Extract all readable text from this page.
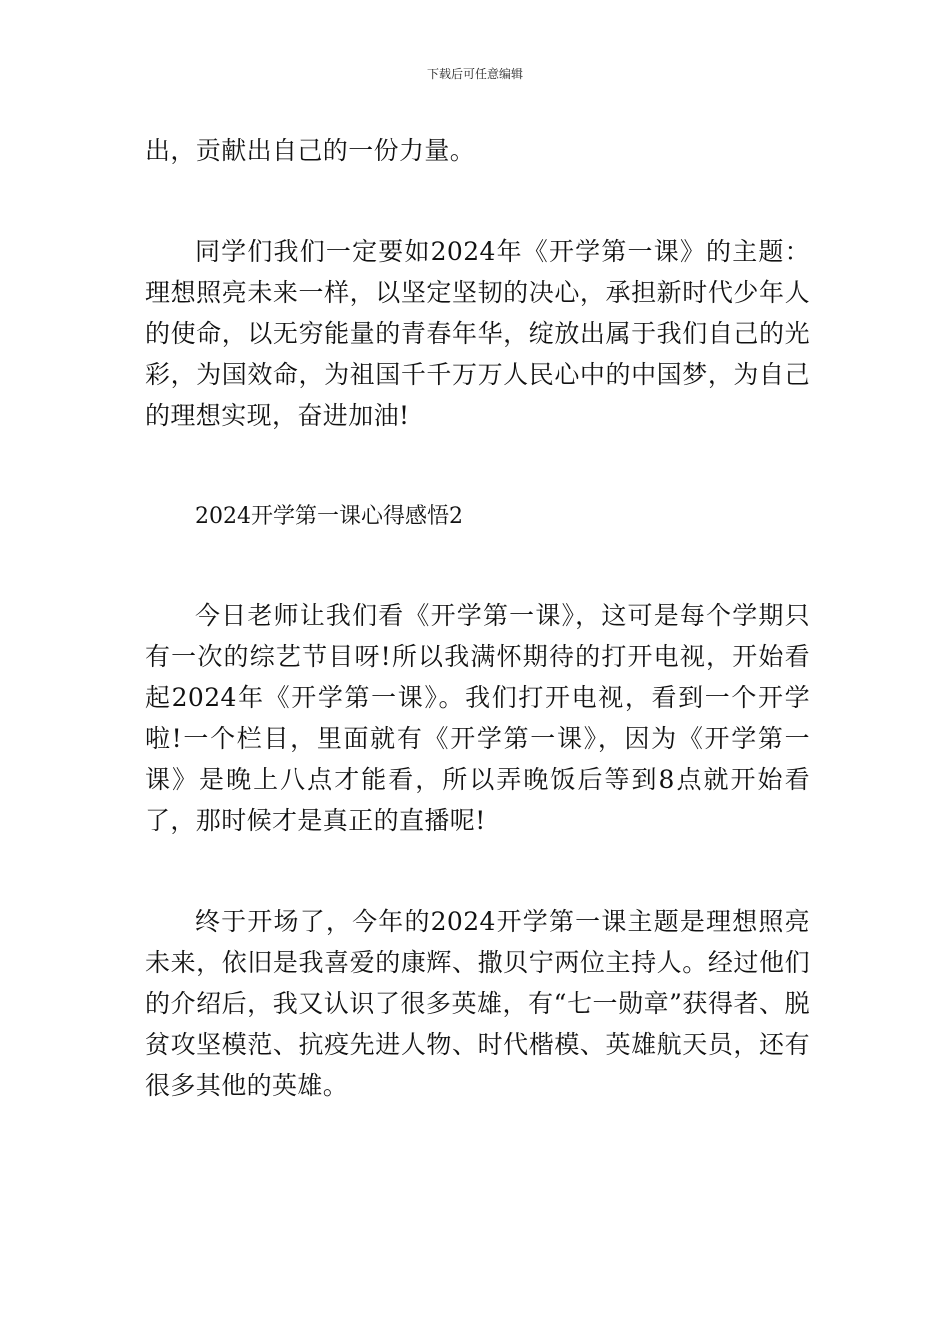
下载后可任意编辑

出，贡献出自己的一份力量。

同学们我们一定要如2024年《开学第一课》的主题：理想照亮未来一样，以坚定坚韧的决心，承担新时代少年人的使命，以无穷能量的青春年华，绽放出属于我们自己的光彩，为国效命，为祖国千千万万人民心中的中国梦，为自己的理想实现，奋进加油!

2024开学第一课心得感悟2

今日老师让我们看《开学第一课》，这可是每个学期只有一次的综艺节目呀!所以我满怀期待的打开电视，开始看起2024年《开学第一课》。我们打开电视，看到一个开学啦!一个栏目，里面就有《开学第一课》，因为《开学第一课》是晚上八点才能看，所以弄晚饭后等到8点就开始看了，那时候才是真正的直播呢!

终于开场了，今年的2024开学第一课主题是理想照亮未来，依旧是我喜爱的康辉、撒贝宁两位主持人。经过他们的介绍后，我又认识了很多英雄，有“七一勋章”获得者、脱贫攻坚模范、抗疫先进人物、时代楷模、英雄航天员，还有很多其他的英雄。
